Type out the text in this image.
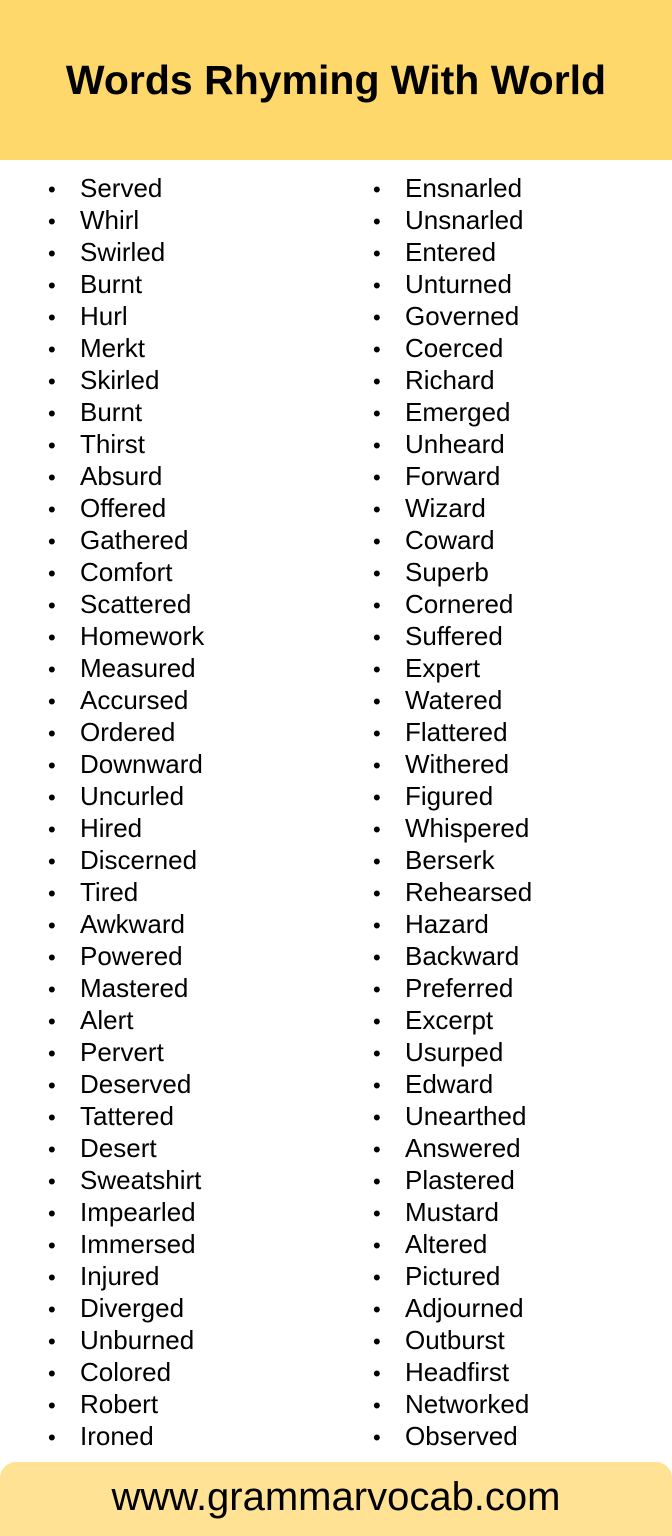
Words Rhyming With World
• Served
• Whirl
• Swirled
• Burnt
• Hurl
• Merkt
• Skirled
• Burnt
• Thirst
• Absurd
• Offered
• Gathered
• Comfort
• Scattered
• Homework
• Measured
• Accursed
• Ordered
• Downward
• Uncurled
• Hired
• Discerned
• Tired
• Awkward
• Powered
• Mastered
• Alert
• Pervert
• Deserved
• Tattered
• Desert
• Sweatshirt
• Impearled
• Immersed
• Injured
• Diverged
• Unburned
• Colored
• Robert
• Ironed
• Ensnarled
• Unsnarled
• Entered
• Unturned
• Governed
• Coerced
• Richard
• Emerged
• Unheard
• Forward
• Wizard
• Coward
• Superb
• Cornered
• Suffered
• Expert
• Watered
• Flattered
• Withered
• Figured
• Whispered
• Berserk
• Rehearsed
• Hazard
• Backward
• Preferred
• Excerpt
• Usurped
• Edward
• Unearthed
• Answered
• Plastered
• Mustard
• Altered
• Pictured
• Adjourned
• Outburst
• Headfirst
• Networked
• Observed
www.grammarvocab.com
